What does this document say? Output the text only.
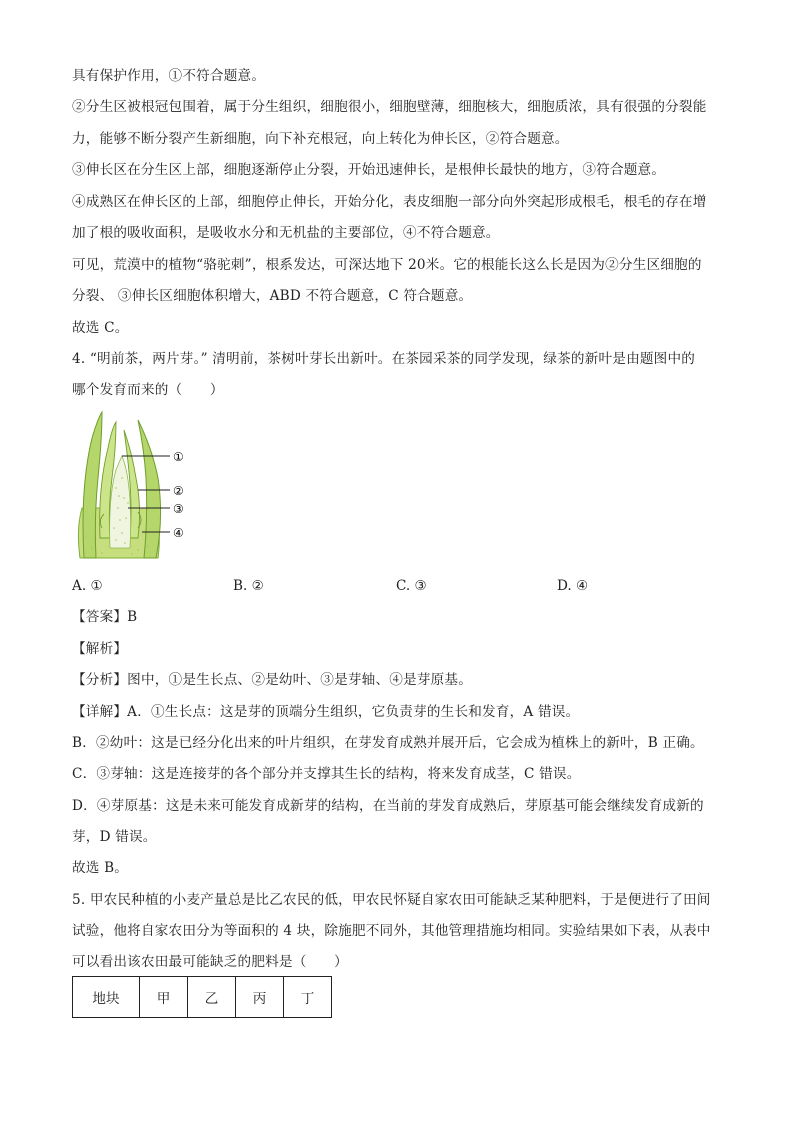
具有保护作用，①不符合题意。
②分生区被根冠包围着，属于分生组织，细胞很小，细胞壁薄，细胞核大，细胞质浓，具有很强的分裂能
力，能够不断分裂产生新细胞，向下补充根冠，向上转化为伸长区，②符合题意。
③伸长区在分生区上部，细胞逐渐停止分裂，开始迅速伸长，是根伸长最快的地方，③符合题意。
④成熟区在伸长区的上部，细胞停止伸长，开始分化，表皮细胞一部分向外突起形成根毛，根毛的存在增
加了根的吸收面积，是吸收水分和无机盐的主要部位，④不符合题意。
可见，荒漠中的植物“骆驼刺”，根系发达，可深达地下 20米。它的根能长这么长是因为②分生区细胞的
分裂、 ③伸长区细胞体积增大，ABD 不符合题意，C 符合题意。
故选 C。
4. “明前茶，两片芽。” 清明前，茶树叶芽长出新叶。在茶园采茶的同学发现，绿茶的新叶是由题图中的
哪个发育而来的（　　）
①
②
③
④
A. ①	B. ②	C. ③	D. ④
【答案】B
【解析】
【分析】图中，①是生长点、②是幼叶、③是芽轴、④是芽原基。
【详解】A．①生长点：这是芽的顶端分生组织，它负责芽的生长和发育，A 错误。
B．②幼叶：这是已经分化出来的叶片组织，在芽发育成熟并展开后，它会成为植株上的新叶，B 正确。
C．③芽轴：这是连接芽的各个部分并支撑其生长的结构，将来发育成茎，C 错误。
D．④芽原基：这是未来可能发育成新芽的结构，在当前的芽发育成熟后，芽原基可能会继续发育成新的
芽，D 错误。
故选 B。
5. 甲农民种植的小麦产量总是比乙农民的低，甲农民怀疑自家农田可能缺乏某种肥料，于是便进行了田间
试验，他将自家农田分为等面积的 4 块，除施肥不同外，其他管理措施均相同。实验结果如下表，从表中
可以看出该农田最可能缺乏的肥料是（　　）
地块	甲	乙	丙	丁
